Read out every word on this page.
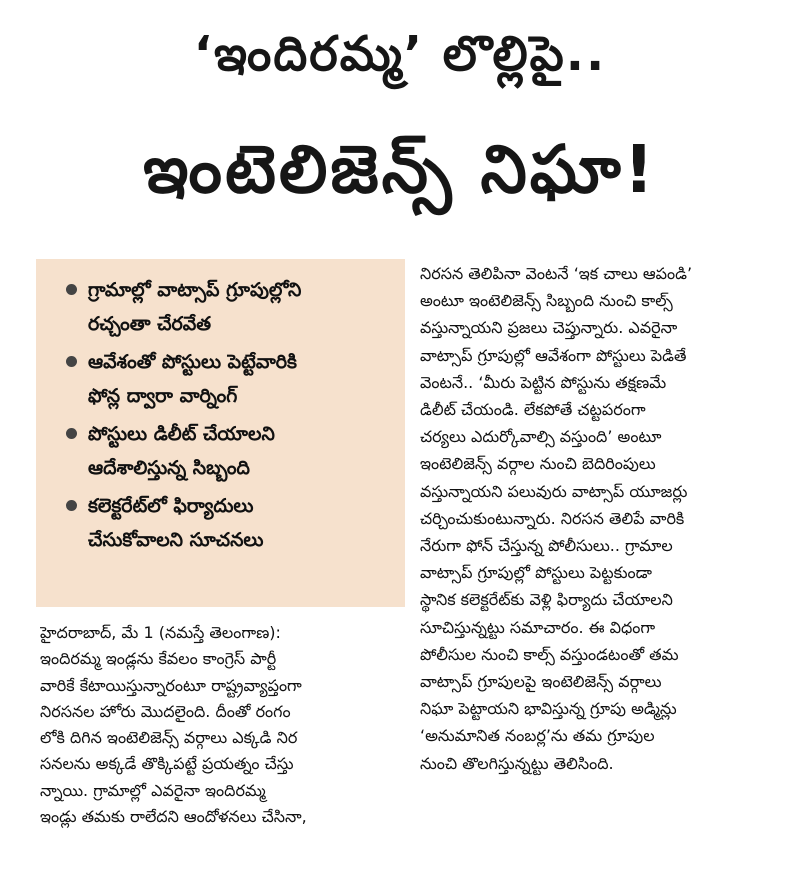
‘ఇందిరమ్మ’ లొల్లిపై..
ఇంటెలిజెన్స్ నిఘా!
గ్రామాల్లో వాట్సాప్ గ్రూపుల్లోని
రచ్చంతా చేరవేత
ఆవేశంతో పోస్టులు పెట్టేవారికి
ఫోన్ల ద్వారా వార్నింగ్
పోస్టులు డిలీట్ చేయాలని
ఆదేశాలిస్తున్న సిబ్బంది
కలెక్టరేట్‌లో ఫిర్యాదులు
చేసుకోవాలని సూచనలు
హైదరాబాద్, మే 1 (నమస్తే తెలంగాణ):
ఇందిరమ్మ ఇండ్లను కేవలం కాంగ్రెస్ పార్టీ
వారికే కేటాయిస్తున్నారంటూ రాష్ట్రవ్యాప్తంగా
నిరసనల హోరు మొదలైంది. దీంతో రంగం
లోకి దిగిన ఇంటెలిజెన్స్ వర్గాలు ఎక్కడి నిర
సనలను అక్కడే తొక్కిపట్టే ప్రయత్నం చేస్తు
న్నాయి. గ్రామాల్లో ఎవరైనా ఇందిరమ్మ
ఇండ్లు తమకు రాలేదని ఆందోళనలు చేసినా,
నిరసన తెలిపినా వెంటనే ‘ఇక చాలు ఆపండి’
అంటూ ఇంటెలిజెన్స్ సిబ్బంది నుంచి కాల్స్
వస్తున్నాయని ప్రజలు చెప్తున్నారు. ఎవరైనా
వాట్సాప్ గ్రూపుల్లో ఆవేశంగా పోస్టులు పెడితే
వెంటనే.. ‘మీరు పెట్టిన పోస్టును తక్షణమే
డిలీట్ చేయండి. లేకపోతే చట్టపరంగా
చర్యలు ఎదుర్కోవాల్సి వస్తుంది’ అంటూ
ఇంటెలిజెన్స్ వర్గాల నుంచి బెదిరింపులు
వస్తున్నాయని పలువురు వాట్సాప్ యూజర్లు
చర్చించుకుంటున్నారు. నిరసన తెలిపే వారికి
నేరుగా ఫోన్ చేస్తున్న పోలీసులు.. గ్రామాల
వాట్సాప్ గ్రూపుల్లో పోస్టులు పెట్టకుండా
స్థానిక కలెక్టరేట్‌కు వెళ్లి ఫిర్యాదు చేయాలని
సూచిస్తున్నట్టు సమాచారం. ఈ విధంగా
పోలీసుల నుంచి కాల్స్ వస్తుండటంతో తమ
వాట్సాప్ గ్రూపులపై ఇంటెలిజెన్స్ వర్గాలు
నిఘా పెట్టాయని భావిస్తున్న గ్రూపు అడ్మిన్లు
‘అనుమానిత నంబర్ల’ను తమ గ్రూపుల
నుంచి తొలగిస్తున్నట్టు తెలిసింది.
